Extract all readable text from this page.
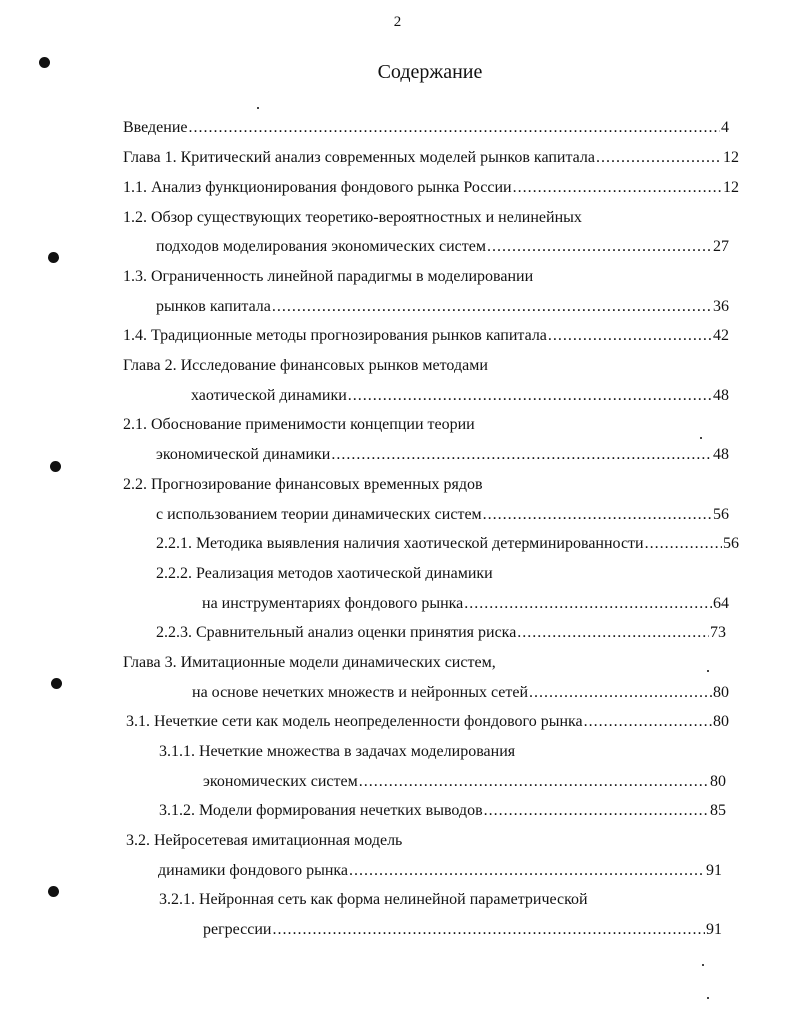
2
Содержание
Введение .....	4
Глава 1. Критический анализ современных моделей рынков капитала .....	12
1.1. Анализ функционирования фондового рынка России .....	12
1.2. Обзор существующих теоретико-вероятностных и нелинейных
подходов моделирования экономических систем .....	27
1.3. Ограниченность линейной парадигмы в моделировании
рынков капитала .....	36
1.4. Традиционные методы прогнозирования рынков капитала .....	42
Глава 2. Исследование финансовых рынков методами
хаотической динамики .....	48
2.1. Обоснование применимости концепции теории
экономической динамики .....	48
2.2. Прогнозирование финансовых временных рядов
с использованием теории динамических систем .....	56
2.2.1. Методика выявления наличия хаотической детерминированности .....	56
2.2.2. Реализация методов хаотической динамики
на инструментариях фондового рынка .....	64
2.2.3. Сравнительный анализ оценки принятия риска .....	73
Глава 3. Имитационные модели динамических систем,
на основе нечетких множеств и нейронных сетей .....	80
3.1. Нечеткие сети как модель неопределенности фондового рынка .....	80
3.1.1. Нечеткие множества в задачах моделирования
экономических систем .....	80
3.1.2. Модели формирования нечетких выводов .....	85
3.2. Нейросетевая имитационная модель
динамики фондового рынка .....	91
3.2.1. Нейронная сеть как форма нелинейной параметрической
регрессии .....	91
